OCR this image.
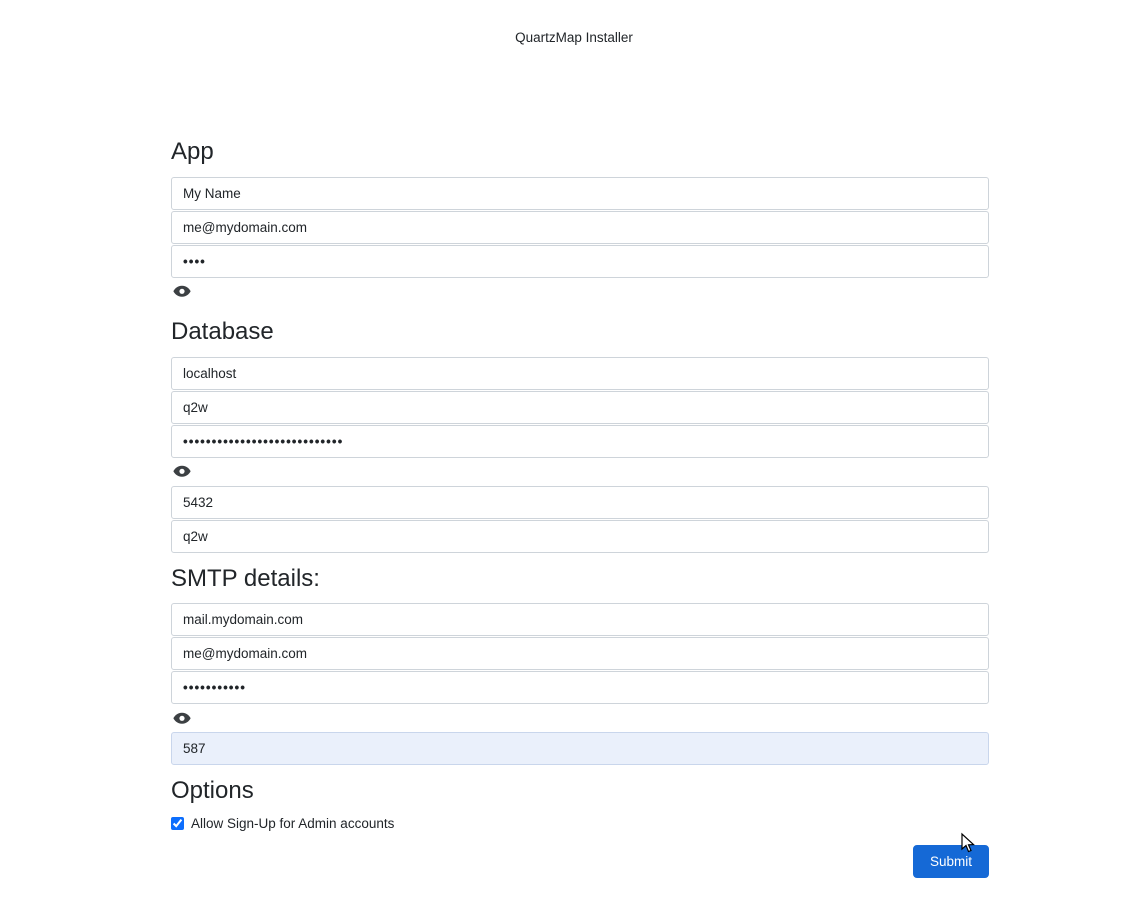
QuartzMap Installer
App
My Name
me@mydomain.com
••••
Database
localhost
q2w
••••••••••••••••••••••••••••
5432
q2w
SMTP details:
mail.mydomain.com
me@mydomain.com
•••••••••••
587
Options
Allow Sign-Up for Admin accounts
Submit
